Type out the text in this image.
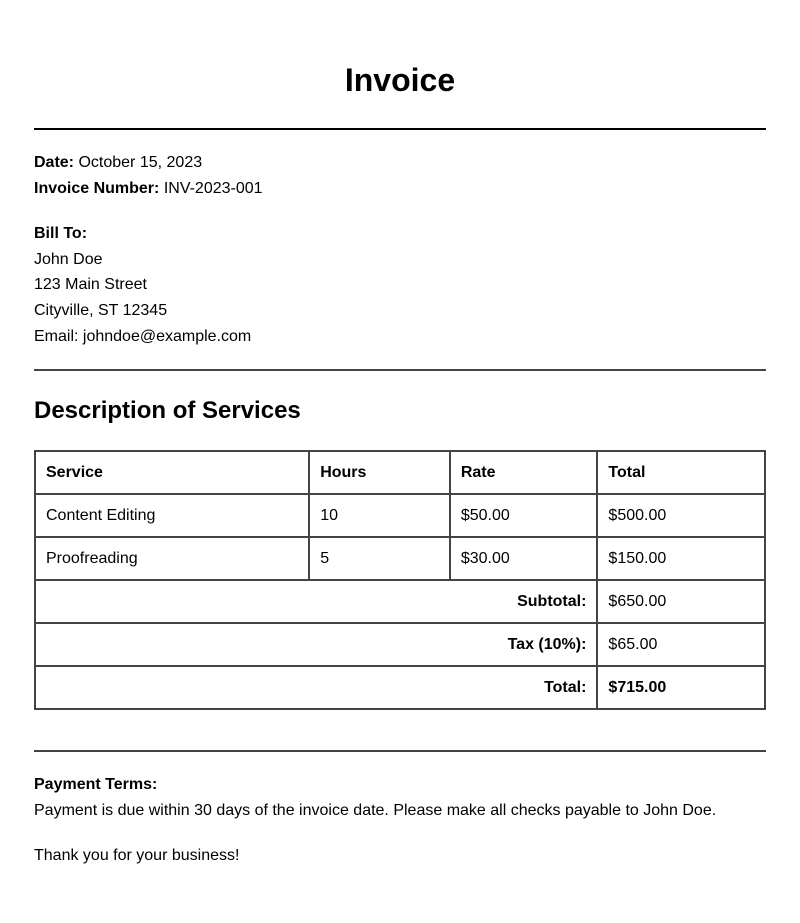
Invoice
Date: October 15, 2023
Invoice Number: INV-2023-001
Bill To:
John Doe
123 Main Street
Cityville, ST 12345
Email: johndoe@example.com
Description of Services
Service	Hours	Rate	Total
Content Editing	10	$50.00	$500.00
Proofreading	5	$30.00	$150.00
Subtotal:			$650.00
Tax (10%):			$65.00
Total:			$715.00
Payment Terms:
Payment is due within 30 days of the invoice date. Please make all checks payable to John Doe.
Thank you for your business!
